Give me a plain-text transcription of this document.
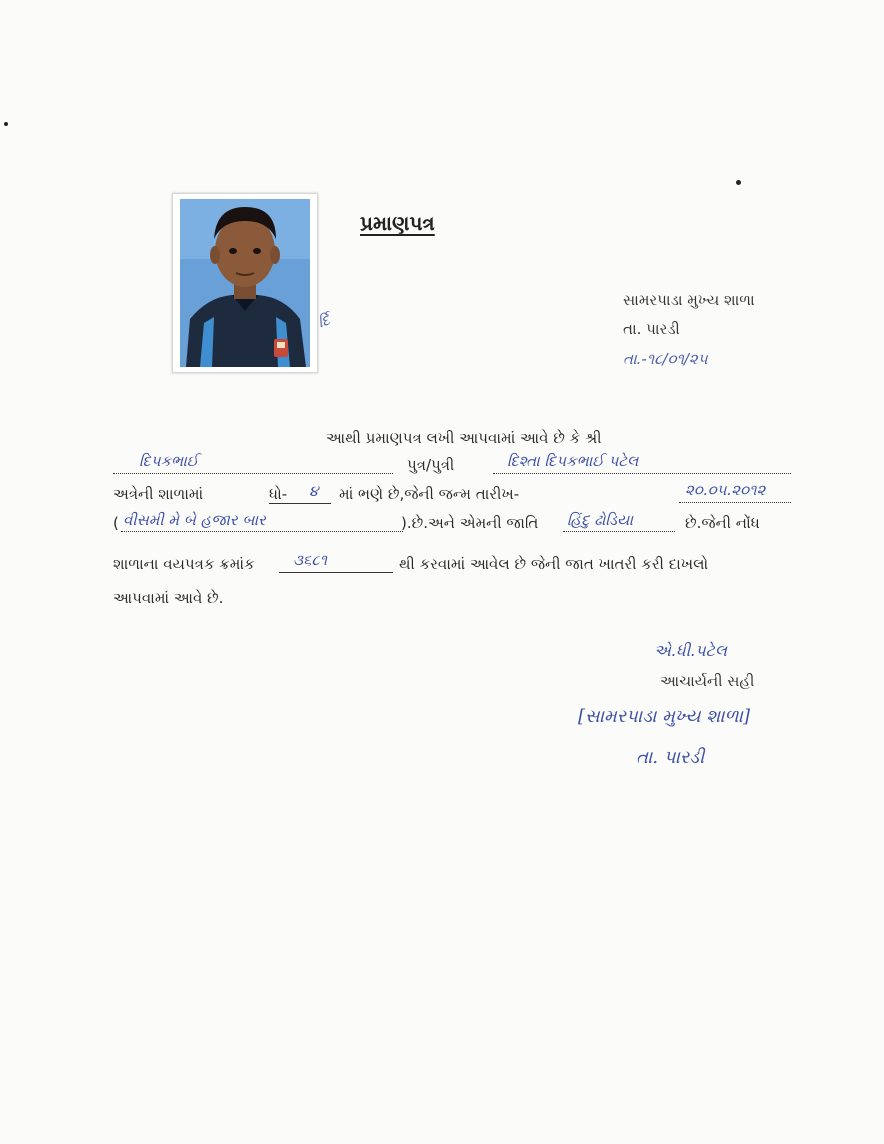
ર્દિ
પ્રમાણપત્ર
સામરપાડા મુખ્ય શાળા
તા. પારડી
તા.-૧૮/૦૧/૨૫
આથી પ્રમાણપત્ર લખી આપવામાં આવે છે કે શ્રી
દિપકભાઈ	પુત્ર/પુત્રી	દિશ્તા દિપકભાઈ પટેલ
અત્રેની શાળામાં	ધો- ૪ માં ભણે છે,જેની જન્મ તારીખ-	૨૦.૦૫.૨૦૧૨
( વીસમી મે બે હજાર બાર	).છે.અને એમની જાતિ હિંદુ ઢોડિયા	છે.જેની નોંધ
શાળાના વયપત્રક ક્રમાંક	૩૬૮૧	થી કરવામાં આવેલ છે જેની જાત ખાતરી કરી દાખલો
આપવામાં આવે છે.
એ.ધી.પટેલ
આચાર્યની સહી
[સામરપાડા મુખ્ય શાળા]
તા. પારડી
